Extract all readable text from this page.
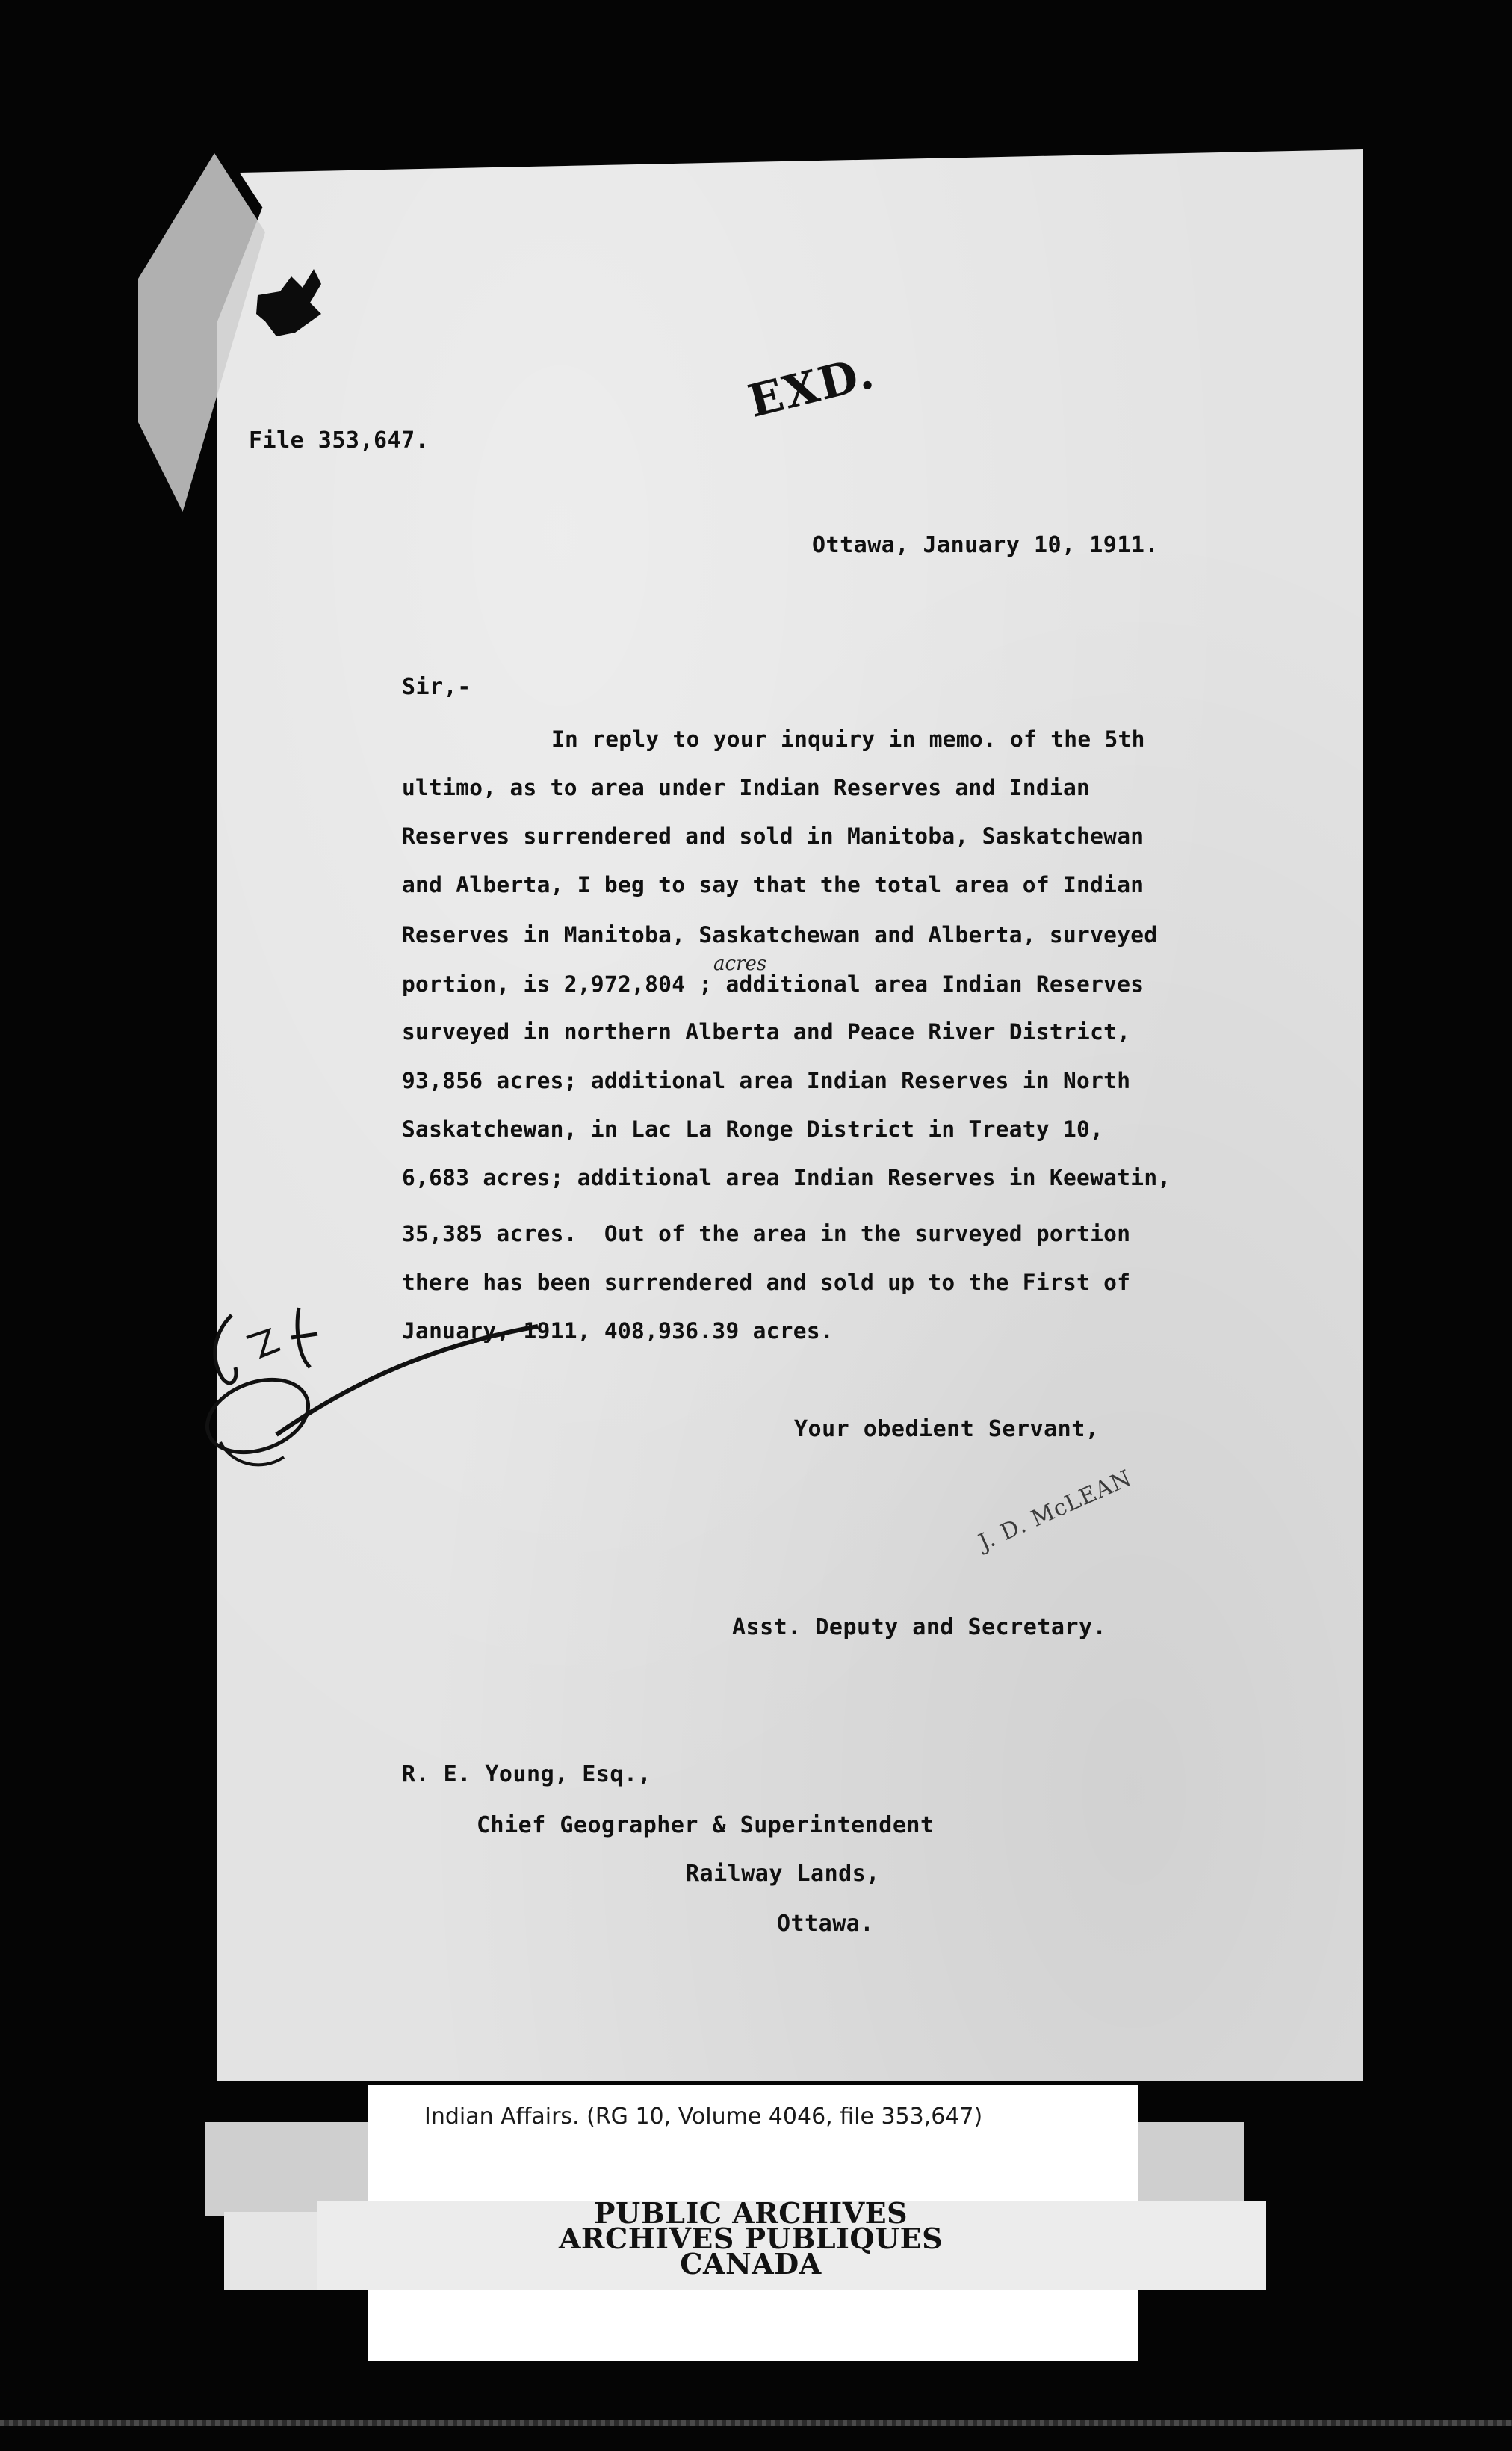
File 353,647.
EXD.
Ottawa, January 10, 1911.
Sir,-
In reply to your inquiry in memo. of the 5th
ultimo, as to area under Indian Reserves and Indian
Reserves surrendered and sold in Manitoba, Saskatchewan
and Alberta, I beg to say that the total area of Indian
Reserves in Manitoba, Saskatchewan and Alberta, surveyed
portion, is 2,972,804 ; additional area Indian Reserves
acres
surveyed in northern Alberta and Peace River District,
93,856 acres; additional area Indian Reserves in North
Saskatchewan, in Lac La Ronge District in Treaty 10,
6,683 acres; additional area Indian Reserves in Keewatin,
35,385 acres.  Out of the area in the surveyed portion
there has been surrendered and sold up to the First of
January, 1911, 408,936.39 acres.
Your obedient Servant,
J. D. McLEAN
Asst. Deputy and Secretary.
R. E. Young, Esq.,
Chief Geographer & Superintendent
Railway Lands,
Ottawa.
Indian Affairs. (RG 10, Volume 4046, file 353,647)
PUBLIC ARCHIVES
ARCHIVES PUBLIQUES
CANADA
